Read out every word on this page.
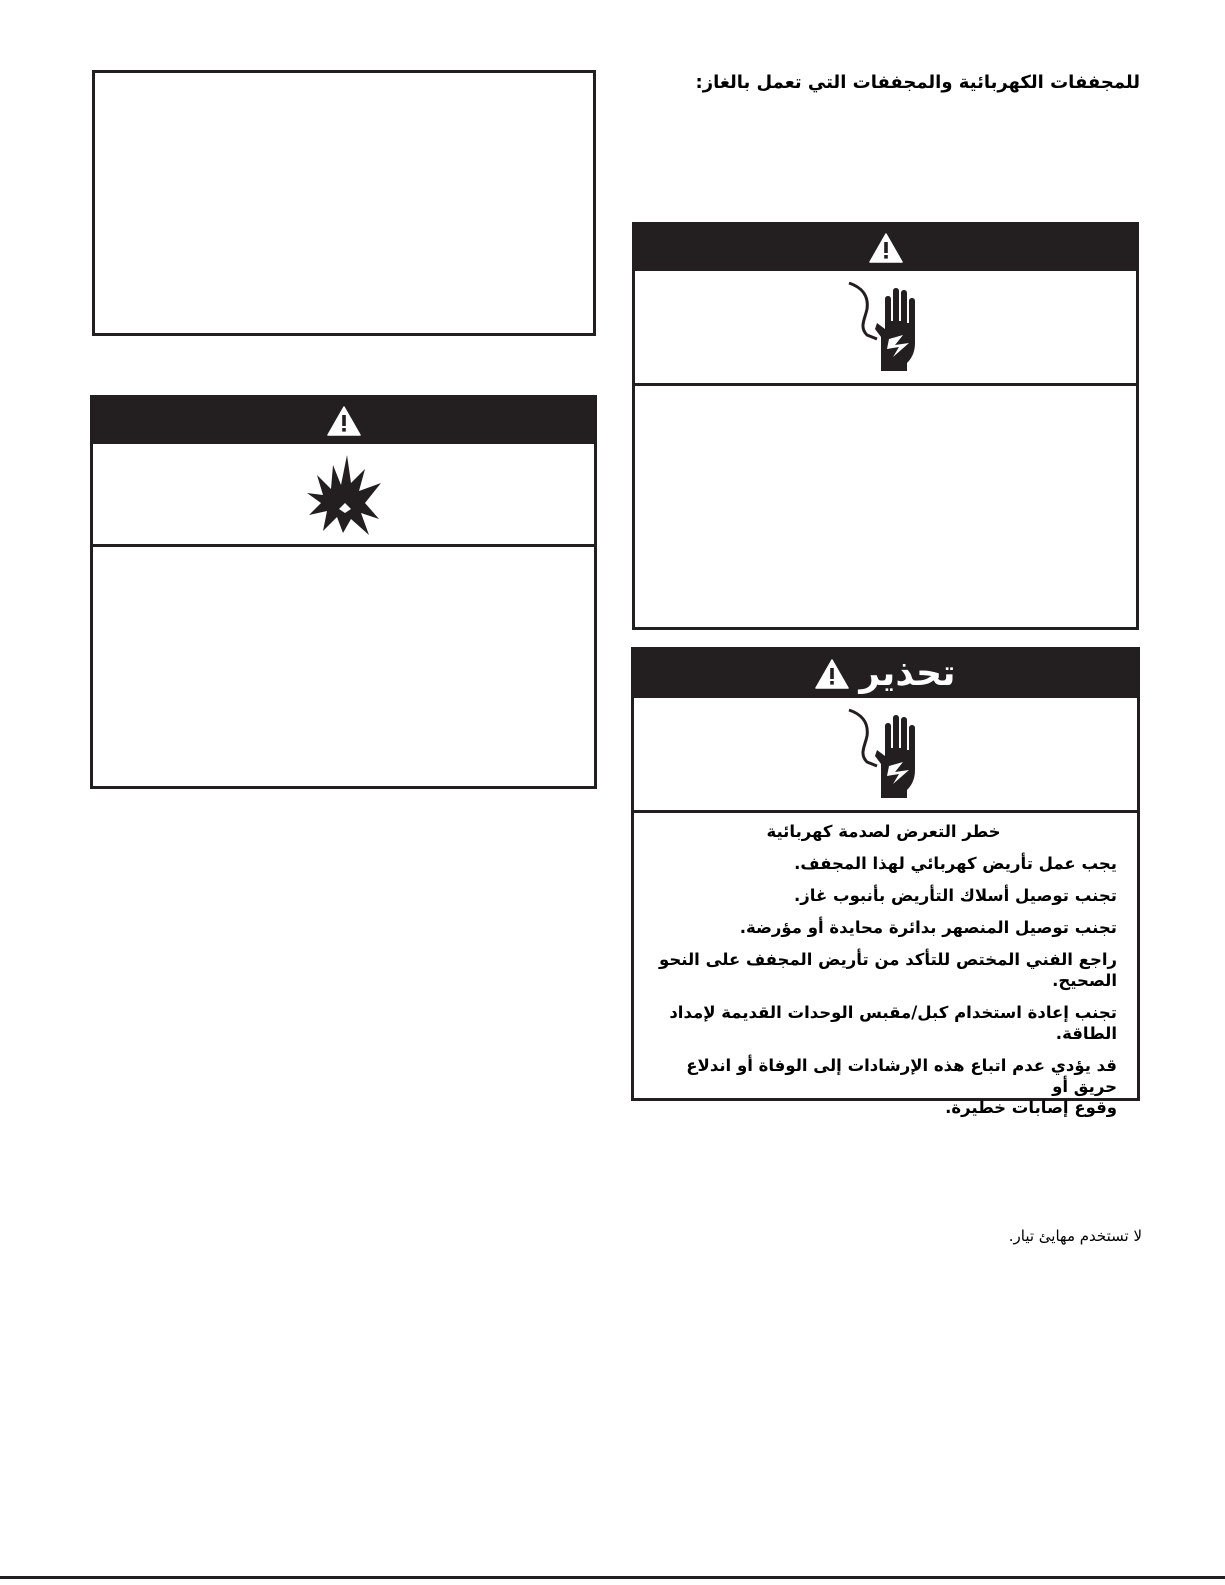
للمجففات الكهربائية والمجففات التي تعمل بالغاز:
تحذير

خطر التعرض لصدمة كهربائية

يجب عمل تأريض كهربائي لهذا المجفف.

تجنب توصيل أسلاك التأريض بأنبوب غاز.

تجنب توصيل المنصهر بدائرة محايدة أو مؤرضة.

راجع الفني المختص للتأكد من تأريض المجفف على النحو الصحيح.

تجنب إعادة استخدام كبل/مقبس الوحدات القديمة لإمداد الطاقة.

قد يؤدي عدم اتباع هذه الإرشادات إلى الوفاة أو اندلاع حريق أو
وقوع إصابات خطيرة.

لا تستخدم مهايئ تيار.
